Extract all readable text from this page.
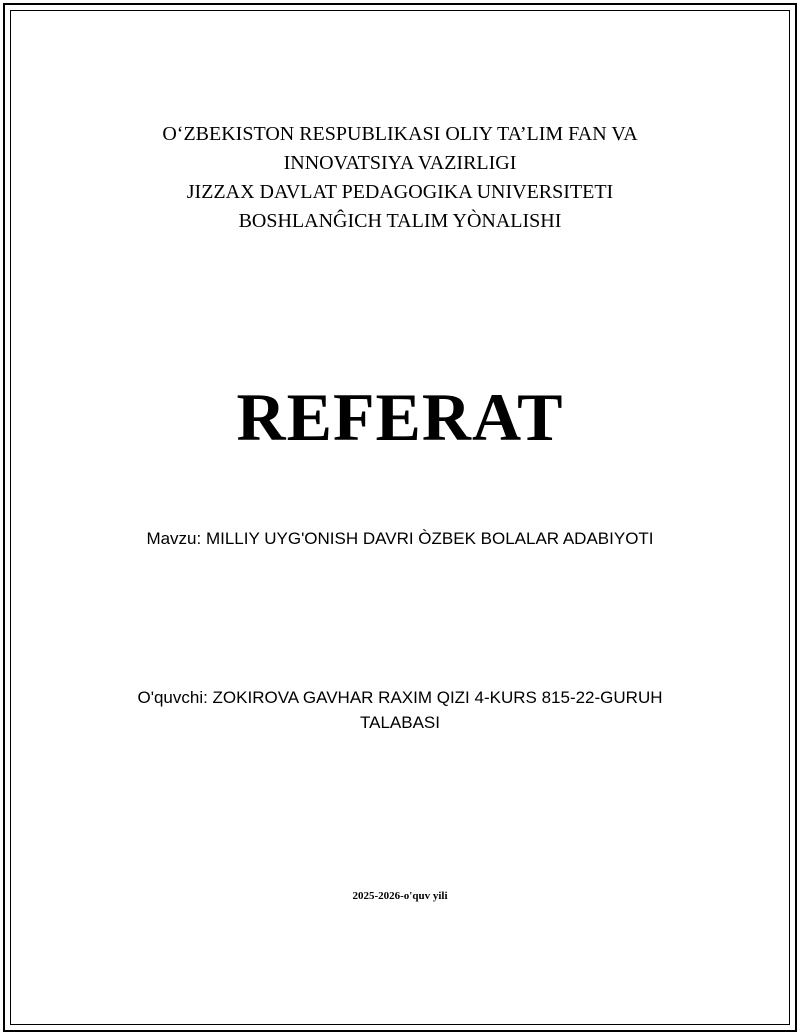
O‘ZBEKISTON RESPUBLIKASI OLIY TA’LIM FAN VA
INNOVATSIYA VAZIRLIGI
JIZZAX DAVLAT PEDAGOGIKA UNIVERSITETI
BOSHLANĜICH TALIM YÒNALISHI
REFERAT
Mavzu: MILLIY UYG'ONISH DAVRI ÒZBEK BOLALAR ADABIYOTI
O'quvchi: ZOKIROVA GAVHAR RAXIM QIZI 4-KURS 815-22-GURUH
TALABASI
2025-2026-o'quv yili
